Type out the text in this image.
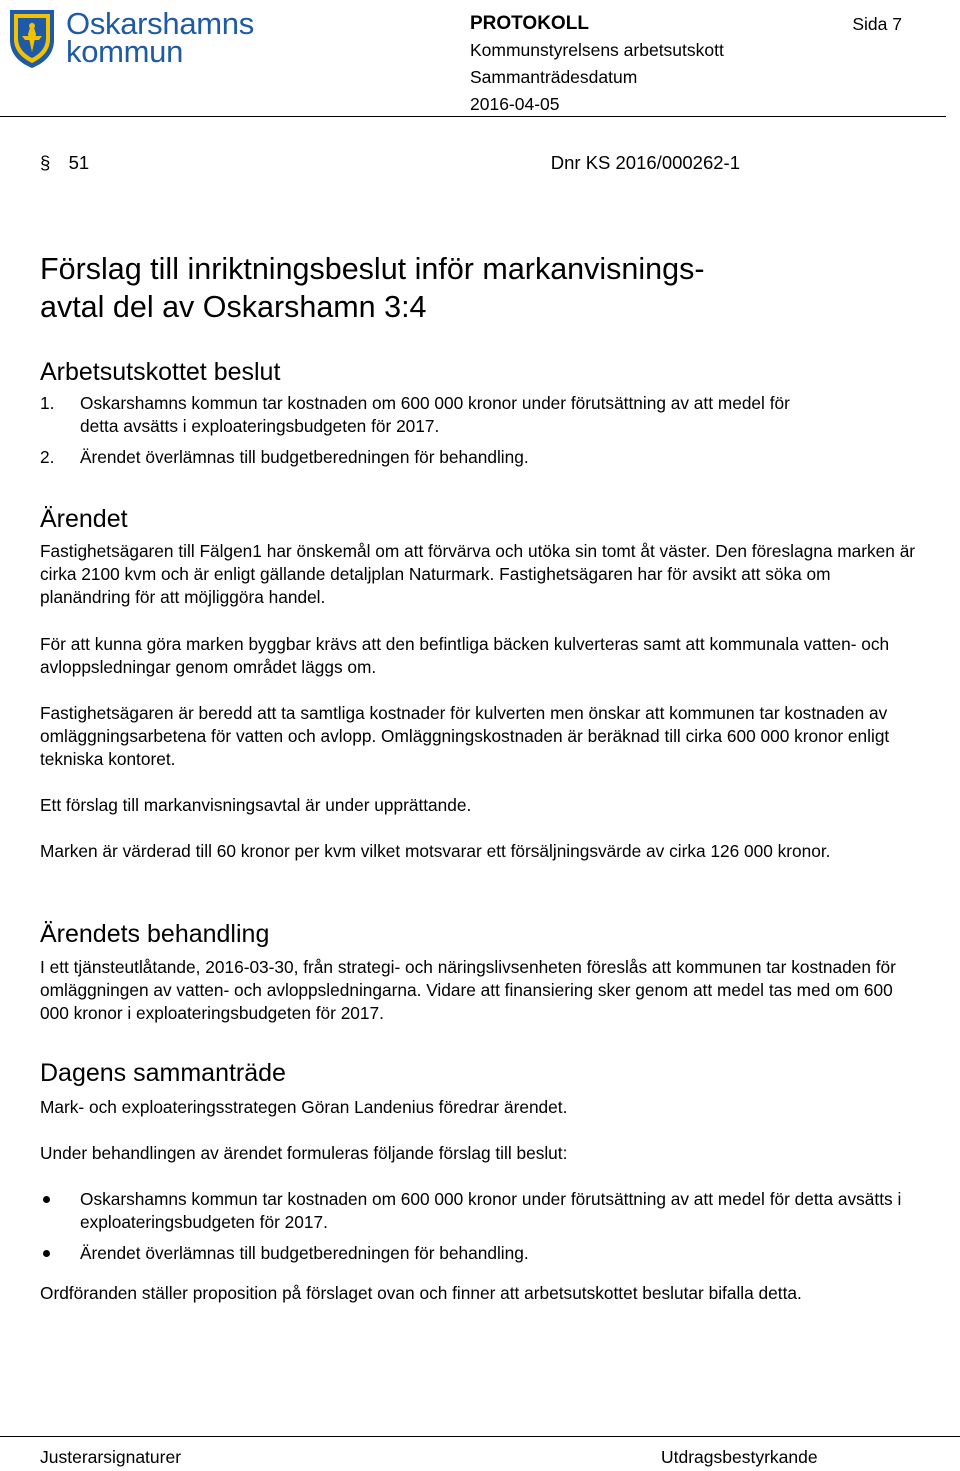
Oskarshamns
kommun
PROTOKOLL
Kommunstyrelsens arbetsutskott
Sammanträdesdatum
2016-04-05
Sida 7
§ 51	Dnr KS 2016/000262-1
Förslag till inriktningsbeslut inför markanvisnings-
avtal del av Oskarshamn 3:4
Arbetsutskottet beslut
1. Oskarshamns kommun tar kostnaden om 600 000 kronor under förutsättning av att medel för
detta avsätts i exploateringsbudgeten för 2017.
2. Ärendet överlämnas till budgetberedningen för behandling.
Ärendet
Fastighetsägaren till Fälgen1 har önskemål om att förvärva och utöka sin tomt åt väster. Den föreslagna marken är cirka 2100 kvm och är enligt gällande detaljplan Naturmark. Fastighetsägaren har för avsikt att söka om planändring för att möjliggöra handel.
För att kunna göra marken byggbar krävs att den befintliga bäcken kulverteras samt att kommunala vatten- och avloppsledningar genom området läggs om.
Fastighetsägaren är beredd att ta samtliga kostnader för kulverten men önskar att kommunen tar kostnaden av omläggningsarbetena för vatten och avlopp. Omläggningskostnaden är beräknad till cirka 600 000 kronor enligt tekniska kontoret.
Ett förslag till markanvisningsavtal är under upprättande.
Marken är värderad till 60 kronor per kvm vilket motsvarar ett försäljningsvärde av cirka 126 000 kronor.
Ärendets behandling
I ett tjänsteutlåtande, 2016-03-30, från strategi- och näringslivsenheten föreslås att kommunen tar kostnaden för omläggningen av vatten- och avloppsledningarna. Vidare att finansiering sker genom att medel tas med om 600 000 kronor i exploateringsbudgeten för 2017.
Dagens sammanträde
Mark- och exploateringsstrategen Göran Landenius föredrar ärendet.
Under behandlingen av ärendet formuleras följande förslag till beslut:
Oskarshamns kommun tar kostnaden om 600 000 kronor under förutsättning av att medel för detta avsätts i exploateringsbudgeten för 2017.
Ärendet överlämnas till budgetberedningen för behandling.
Ordföranden ställer proposition på förslaget ovan och finner att arbetsutskottet beslutar bifalla detta.
Justerarsignaturer	Utdragsbestyrkande
